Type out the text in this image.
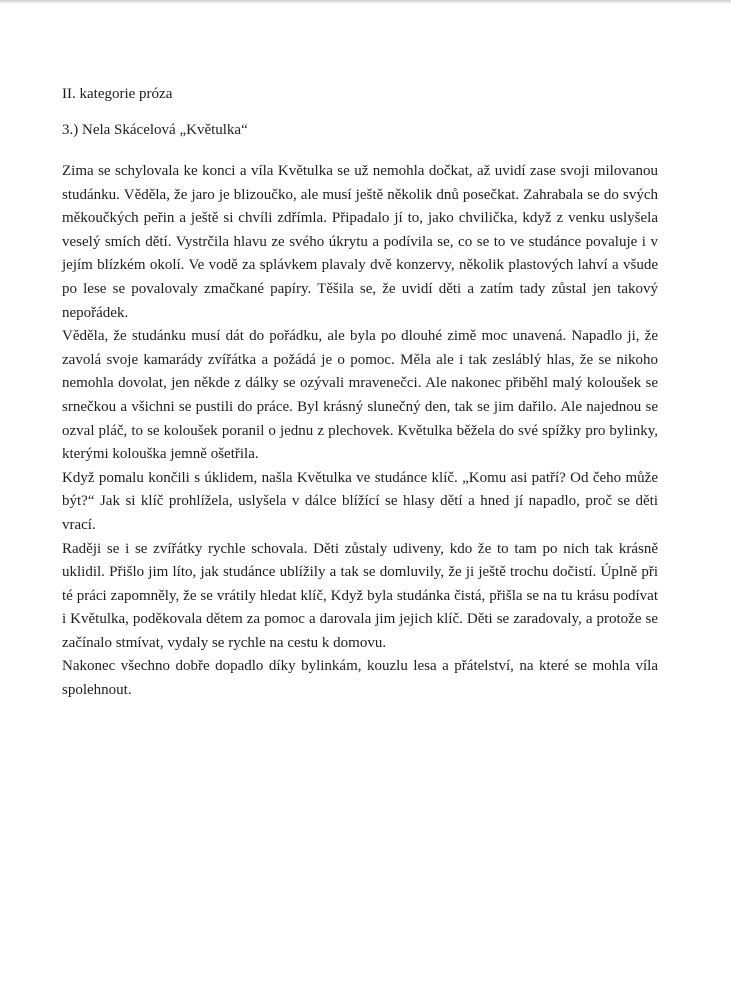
II. kategorie próza
3.) Nela Skácelová „Květulka“

Zima se schylovala ke konci a víla Květulka se už nemohla dočkat, až uvidí zase svoji milovanou studánku. Věděla, že jaro je blizoučko, ale musí ještě několik dnů posečkat. Zahrabala se do svých měkoučkých peřin a ještě si chvíli zdřímla. Připadalo jí to, jako chvilička, když z venku uslyšela veselý smích dětí. Vystrčila hlavu ze svého úkrytu a podívila se, co se to ve studánce povaluje i v jejím blízkém okolí. Ve vodě za splávkem plavaly dvě konzervy, několik plastových lahví a všude po lese se povalovaly zmačkané papíry. Těšila se, že uvidí děti a zatím tady zůstal jen takový nepořádek.

Věděla, že studánku musí dát do pořádku, ale byla po dlouhé zimě moc unavená. Napadlo ji, že zavolá svoje kamarády zvířátka a požádá je o pomoc. Měla ale i tak zesláblý hlas, že se nikoho nemohla dovolat, jen někde z dálky se ozývali mravenečci. Ale nakonec přiběhl malý koloušek se srnečkou a všichni se pustili do práce. Byl krásný slunečný den, tak se jim dařilo. Ale najednou se ozval pláč, to se koloušek poranil o jednu z plechovek. Květulka běžela do své spížky pro bylinky, kterými kolouška jemně ošetřila.

Když pomalu končili s úklidem, našla Květulka ve studánce klíč. „Komu asi patří? Od čeho může být?“ Jak si klíč prohlížela, uslyšela v dálce blížící se hlasy dětí a hned jí napadlo, proč se děti vrací.

Raději se i se zvířátky rychle schovala. Děti zůstaly udiveny, kdo že to tam po nich tak krásně uklidil. Přišlo jim líto, jak studánce ublížily a tak se domluvily, že ji ještě trochu dočistí. Úplně při té práci zapomněly, že se vrátily hledat klíč, Když byla studánka čistá, přišla se na tu krásu podívat i Květulka, poděkovala dětem za pomoc a darovala jim jejich klíč. Děti se zaradovaly, a protože se začínalo stmívat, vydaly se rychle na cestu k domovu.

Nakonec všechno dobře dopadlo díky bylinkám, kouzlu lesa a přátelství, na které se mohla víla spolehnout.
